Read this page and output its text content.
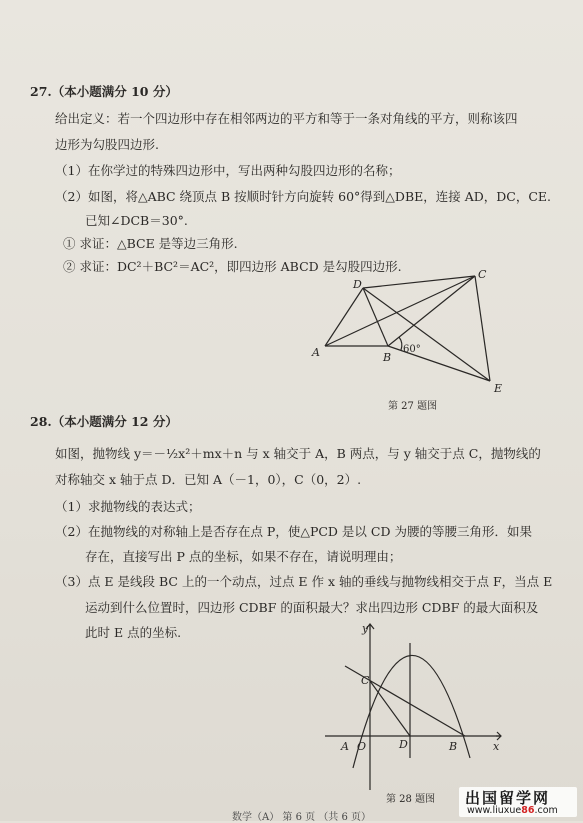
27.（本小题满分 10 分）
给出定义：若一个四边形中存在相邻两边的平方和等于一条对角线的平方，则称该四
边形为勾股四边形.
（1）在你学过的特殊四边形中，写出两种勾股四边形的名称；
（2）如图，将△ABC 绕顶点 B 按顺时针方向旋转 60°得到△DBE，连接 AD，DC，CE.
已知∠DCB＝30°.
① 求证：△BCE 是等边三角形.
② 求证：DC²＋BC²＝AC²，即四边形 ABCD 是勾股四边形.
A	B
C
D
E
60°
第 27 题图
28.（本小题满分 12 分）
如图，抛物线 y＝－½x²＋mx＋n 与 x 轴交于 A，B 两点，与 y 轴交于点 C，抛物线的
对称轴交 x 轴于点 D．已知 A（－1，0），C（0，2）.
（1）求抛物线的表达式；
（2）在抛物线的对称轴上是否存在点 P，使△PCD 是以 CD 为腰的等腰三角形．如果
存在，直接写出 P 点的坐标，如果不存在，请说明理由；
（3）点 E 是线段 BC 上的一个动点，过点 E 作 x 轴的垂线与抛物线相交于点 F，当点 E
运动到什么位置时，四边形 CDBF 的面积最大？求出四边形 CDBF 的最大面积及
此时 E 点的坐标.	y
x
C
A O	D	B
第 28 题图
数学（A） 第 6 页 （共 6 页）
出国留学网
www.liuxue86.com
